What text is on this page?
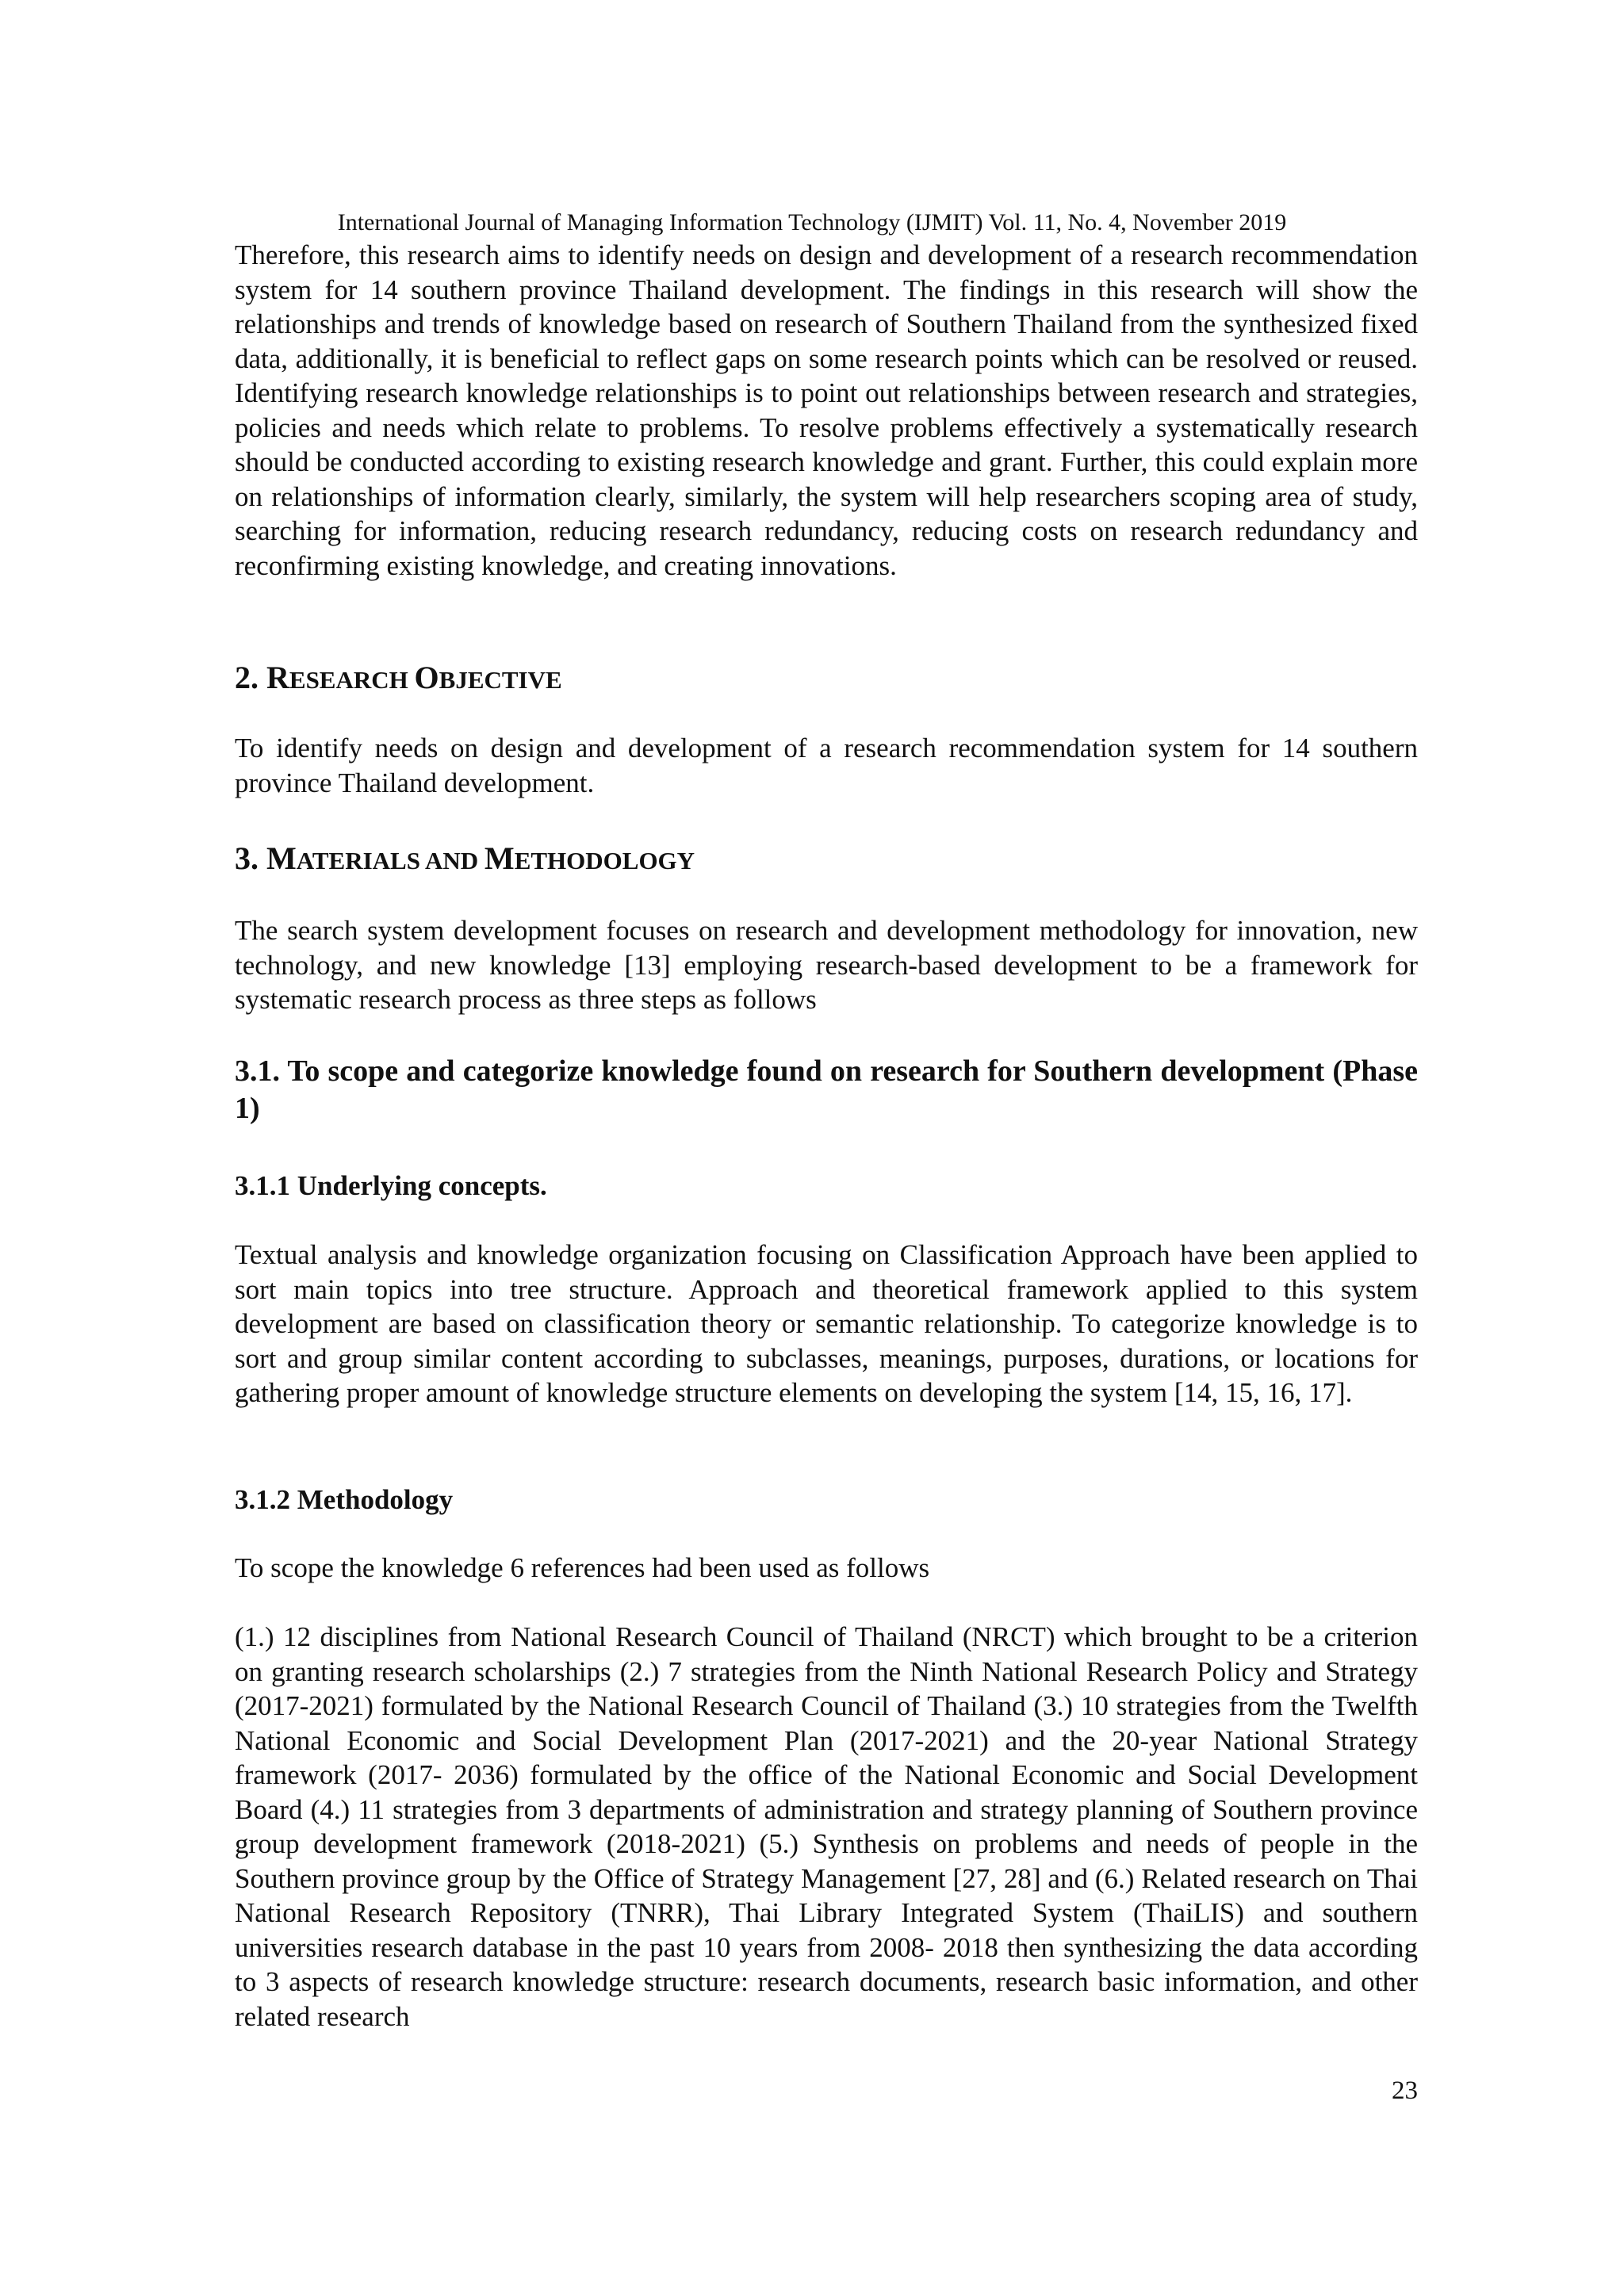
International Journal of Managing Information Technology (IJMIT) Vol. 11, No. 4, November 2019

Therefore, this research aims to identify needs on design and development of a research recommendation system for 14 southern province Thailand development. The findings in this research will show the relationships and trends of knowledge based on research of Southern Thailand from the synthesized fixed data, additionally, it is beneficial to reflect gaps on some research points which can be resolved or reused. Identifying research knowledge relationships is to point out relationships between research and strategies, policies and needs which relate to problems. To resolve problems effectively a systematically research should be conducted according to existing research knowledge and grant. Further, this could explain more on relationships of information clearly, similarly, the system will help researchers scoping area of study, searching for information, reducing research redundancy, reducing costs on research redundancy and reconfirming existing knowledge, and creating innovations.

2. RESEARCH OBJECTIVE

To identify needs on design and development of a research recommendation system for 14 southern province Thailand development.

3. MATERIALS AND METHODOLOGY

The search system development focuses on research and development methodology for innovation, new technology, and new knowledge [13] employing research-based development to be a framework for systematic research process as three steps as follows

3.1. To scope and categorize knowledge found on research for Southern development (Phase 1)
3.1.1 Underlying concepts.

Textual analysis and knowledge organization focusing on Classification Approach have been applied to sort main topics into tree structure. Approach and theoretical framework applied to this system development are based on classification theory or semantic relationship. To categorize knowledge is to sort and group similar content according to subclasses, meanings, purposes, durations, or locations for gathering proper amount of knowledge structure elements on developing the system [14, 15, 16, 17].

3.1.2 Methodology

To scope the knowledge 6 references had been used as follows

(1.) 12 disciplines from National Research Council of Thailand (NRCT) which brought to be a criterion on granting research scholarships (2.) 7 strategies from the Ninth National Research Policy and Strategy (2017-2021) formulated by the National Research Council of Thailand (3.) 10 strategies from the Twelfth National Economic and Social Development Plan (2017-2021) and the 20-year National Strategy framework (2017- 2036) formulated by the office of the National Economic and Social Development Board (4.) 11 strategies from 3 departments of administration and strategy planning of Southern province group development framework (2018-2021) (5.) Synthesis on problems and needs of people in the Southern province group by the Office of Strategy Management [27, 28] and (6.) Related research on Thai National Research Repository (TNRR), Thai Library Integrated System (ThaiLIS) and southern universities research database in the past 10 years from 2008- 2018 then synthesizing the data according to 3 aspects of research knowledge structure: research documents, research basic information, and other related research

23
